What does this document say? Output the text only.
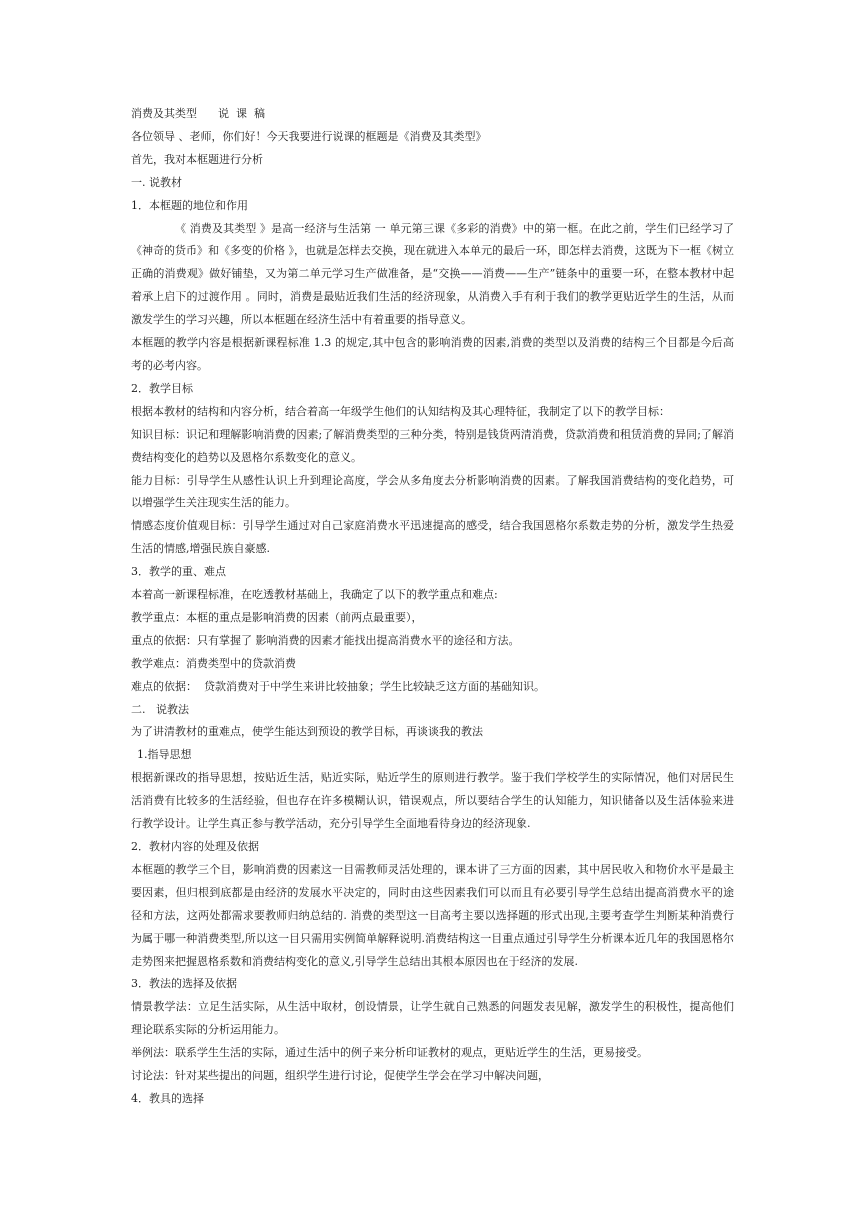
消费及其类型      说  课  稿
各位领导 、老师，你们好！今天我要进行说课的框题是《消费及其类型》
首先，我对本框题进行分析
一. 说教材
1．本框题的地位和作用
《 消费及其类型 》是高一经济与生活第 一 单元第三课《多彩的消费》中的第一框。在此之前，学生们已经学习了《神奇的货币》和《多变的价格 》，也就是怎样去交换，现在就进入本单元的最后一环，即怎样去消费，这既为下一框《树立正确的消费观》做好铺垫，又为第二单元学习生产做准备，是“交换——消费——生产”链条中的重要一环，在整本教材中起着承上启下的过渡作用 。同时，消费是最贴近我们生活的经济现象，从消费入手有利于我们的教学更贴近学生的生活，从而激发学生的学习兴趣，所以本框题在经济生活中有着重要的指导意义。
本框题的教学内容是根据新课程标准 1.3 的规定,其中包含的影响消费的因素,消费的类型以及消费的结构三个目都是今后高考的必考内容。
2．教学目标
根据本教材的结构和内容分析，结合着高一年级学生他们的认知结构及其心理特征，我制定了以下的教学目标：
知识目标：识记和理解影响消费的因素;了解消费类型的三种分类，特别是钱货两清消费，贷款消费和租赁消费的异同;了解消费结构变化的趋势以及恩格尔系数变化的意义。
能力目标：引导学生从感性认识上升到理论高度，学会从多角度去分析影响消费的因素。了解我国消费结构的变化趋势，可以增强学生关注现实生活的能力。
情感态度价值观目标：引导学生通过对自己家庭消费水平迅速提高的感受，结合我国恩格尔系数走势的分析，激发学生热爱生活的情感,增强民族自豪感.
3．教学的重、难点
本着高一新课程标准，在吃透教材基础上，我确定了以下的教学重点和难点:
教学重点：本框的重点是影响消费的因素（前两点最重要），
重点的依据：只有掌握了 影响消费的因素才能找出提高消费水平的途径和方法。
教学难点：消费类型中的贷款消费
难点的依据：  贷款消费对于中学生来讲比较抽象；学生比较缺乏这方面的基础知识。
二.   说教法
为了讲清教材的重难点，使学生能达到预设的教学目标，再谈谈我的教法
1.指导思想
根据新课改的指导思想，按贴近生活，贴近实际，贴近学生的原则进行教学。鉴于我们学校学生的实际情况，他们对居民生活消费有比较多的生活经验，但也存在许多模糊认识，错误观点，所以要结合学生的认知能力，知识储备以及生活体验来进行教学设计。让学生真正参与教学活动，充分引导学生全面地看待身边的经济现象.
2．教材内容的处理及依据
本框题的教学三个目，影响消费的因素这一目需教师灵活处理的，课本讲了三方面的因素，其中居民收入和物价水平是最主要因素，但归根到底都是由经济的发展水平决定的，同时由这些因素我们可以而且有必要引导学生总结出提高消费水平的途径和方法，这两处都需求要教师归纳总结的. 消费的类型这一目高考主要以选择题的形式出现,主要考查学生判断某种消费行为属于哪一种消费类型,所以这一目只需用实例简单解释说明.消费结构这一目重点通过引导学生分析课本近几年的我国恩格尔走势图来把握恩格系数和消费结构变化的意义,引导学生总结出其根本原因也在于经济的发展.
3．教法的选择及依据
情景教学法：立足生活实际，从生活中取材，创设情景，让学生就自己熟悉的问题发表见解，激发学生的积极性，提高他们理论联系实际的分析运用能力。
举例法：联系学生生活的实际，通过生活中的例子来分析印证教材的观点，更贴近学生的生活，更易接受。
讨论法：针对某些提出的问题，组织学生进行讨论，促使学生学会在学习中解决问题，
4．教具的选择
